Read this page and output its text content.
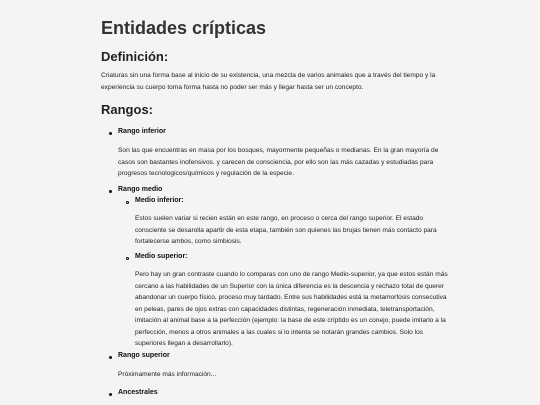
Entidades crípticas
Definición:

Criaturas sin una forma base al inicio de su existencia, una mezcla de varios animales que a través del tiempo y la experiencia su cuerpo toma forma hasta no poder ser más y llegar hasta ser un concepto.

Rangos:
Rango inferior

Son las que encuentras en masa por los bosques, mayormente pequeñas o medianas. En la gran mayoría de casos son bastantes inofensivos. y carecen de consciencia, por ello son las más cazadas y estudiadas para progresos tecnologicos/químicos y regulación de la especie.

Rango medio
Medio inferior:

Estos suelen variar si recien están en este rango, en proceso o cerca del rango superior. El estado consciente se desarolla apartir de esta etapa, también son quienes las brujas tienen más contacto para fortalecerse ambos, como simbiosis.

Medio superior:

Pero hay un gran contraste cuando lo comparas con uno de rango Medio-superior, ya que estos están más cercano a las habilidades de un Superior con la única diferencia es la descencia y rechazo total de querer abandonar un cuerpo físico, proceso muy tardado. Entre sus habilidades está la metamorfosis consecutiva en peleas, pares de ojos extras con capacidades distintas, regeneración inmediata, teletransportación, imitación al animal base a la perfección (ejemplo: la base de este críptido es un conejo, puede imitarlo a la perfección, menos a otros animales a las cuales si lo intenta se notarán grandes cambios. Solo los superiores llegan a desarrollarlo).

Rango superior

Próximamente más información...

Ancestrales
